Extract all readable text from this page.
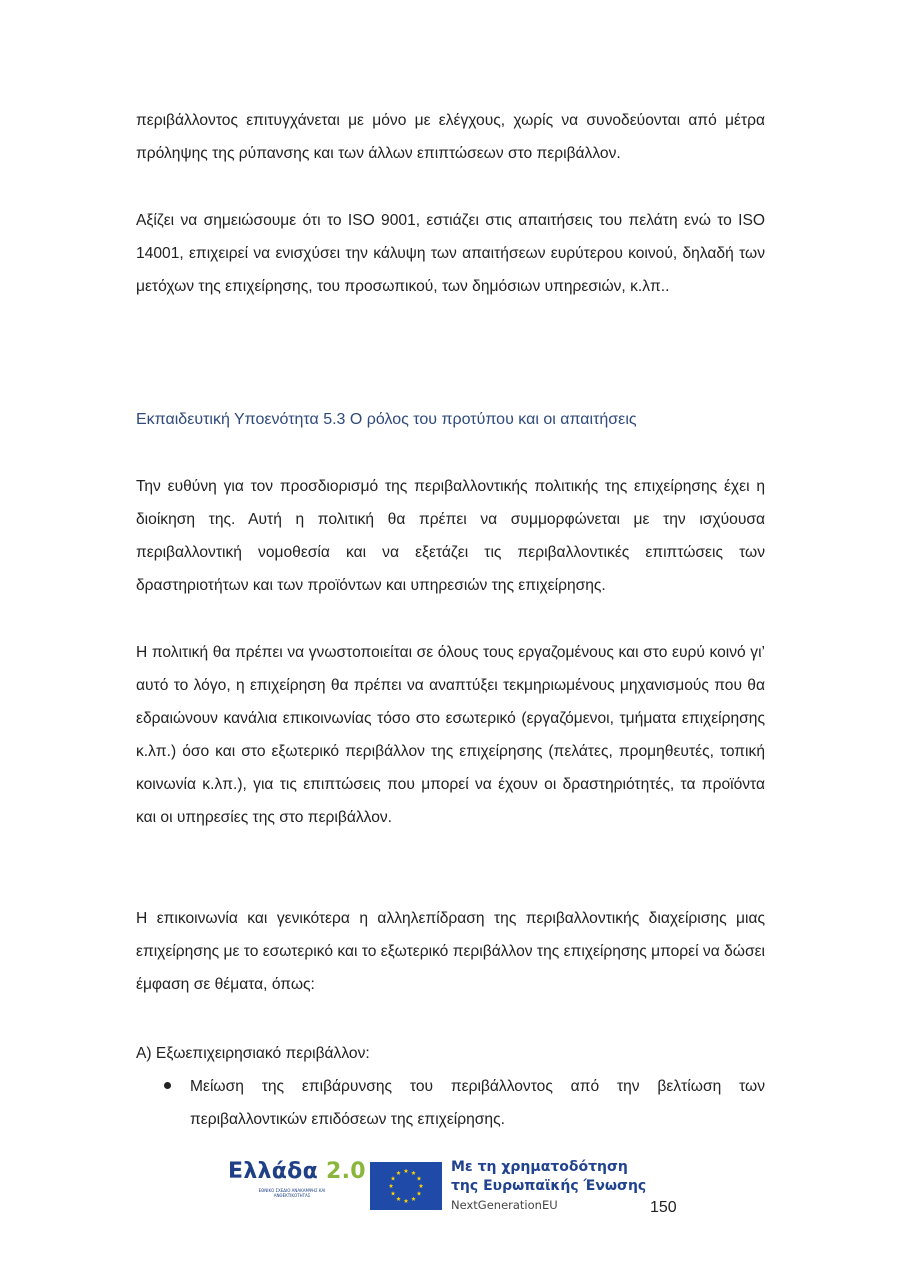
περιβάλλοντος επιτυγχάνεται με μόνο με ελέγχους, χωρίς να συνοδεύονται από μέτρα πρόληψης της ρύπανσης και των άλλων επιπτώσεων στο περιβάλλον.

Αξίζει να σημειώσουμε ότι το ISO 9001, εστιάζει στις απαιτήσεις του πελάτη ενώ το ISO 14001, επιχειρεί να ενισχύσει την κάλυψη των απαιτήσεων ευρύτερου κοινού, δηλαδή των μετόχων της επιχείρησης, του προσωπικού, των δημόσιων υπηρεσιών, κ.λπ..

Εκπαιδευτική Υποενότητα 5.3 Ο ρόλος του προτύπου και οι απαιτήσεις

Την ευθύνη για τον προσδιορισμό της περιβαλλοντικής πολιτικής της επιχείρησης έχει η διοίκηση της. Αυτή η πολιτική θα πρέπει να συμμορφώνεται με την ισχύουσα περιβαλλοντική νομοθεσία και να εξετάζει τις περιβαλλοντικές επιπτώσεις των δραστηριοτήτων και των προϊόντων και υπηρεσιών της επιχείρησης.

Η πολιτική θα πρέπει να γνωστοποιείται σε όλους τους εργαζομένους και στο ευρύ κοινό γι’ αυτό το λόγο, η επιχείρηση θα πρέπει να αναπτύξει τεκμηριωμένους μηχανισμούς που θα εδραιώνουν κανάλια επικοινωνίας τόσο στο εσωτερικό (εργαζόμενοι, τμήματα επιχείρησης κ.λπ.) όσο και στο εξωτερικό περιβάλλον της επιχείρησης (πελάτες, προμηθευτές, τοπική κοινωνία κ.λπ.), για τις επιπτώσεις που μπορεί να έχουν οι δραστηριότητές, τα προϊόντα και οι υπηρεσίες της στο περιβάλλον.

Η επικοινωνία και γενικότερα η αλληλεπίδραση της περιβαλλοντικής διαχείρισης μιας επιχείρησης με το εσωτερικό και το εξωτερικό περιβάλλον της επιχείρησης μπορεί να δώσει έμφαση σε θέματα, όπως:

Α) Εξωεπιχειρησιακό περιβάλλον:

Μείωση της επιβάρυνσης του περιβάλλοντος από την βελτίωση των περιβαλλοντικών επιδόσεων της επιχείρησης.

Ελλάδα 2.0
ΕΘΝΙΚΟ ΣΧΕΔΙΟ ΑΝΑΚΑΜΨΗΣ ΚΑΙ ΑΝΘΕΚΤΙΚΟΤΗΤΑΣ
Με τη χρηματοδότηση
της Ευρωπαϊκής Ένωσης
NextGenerationEU	150
